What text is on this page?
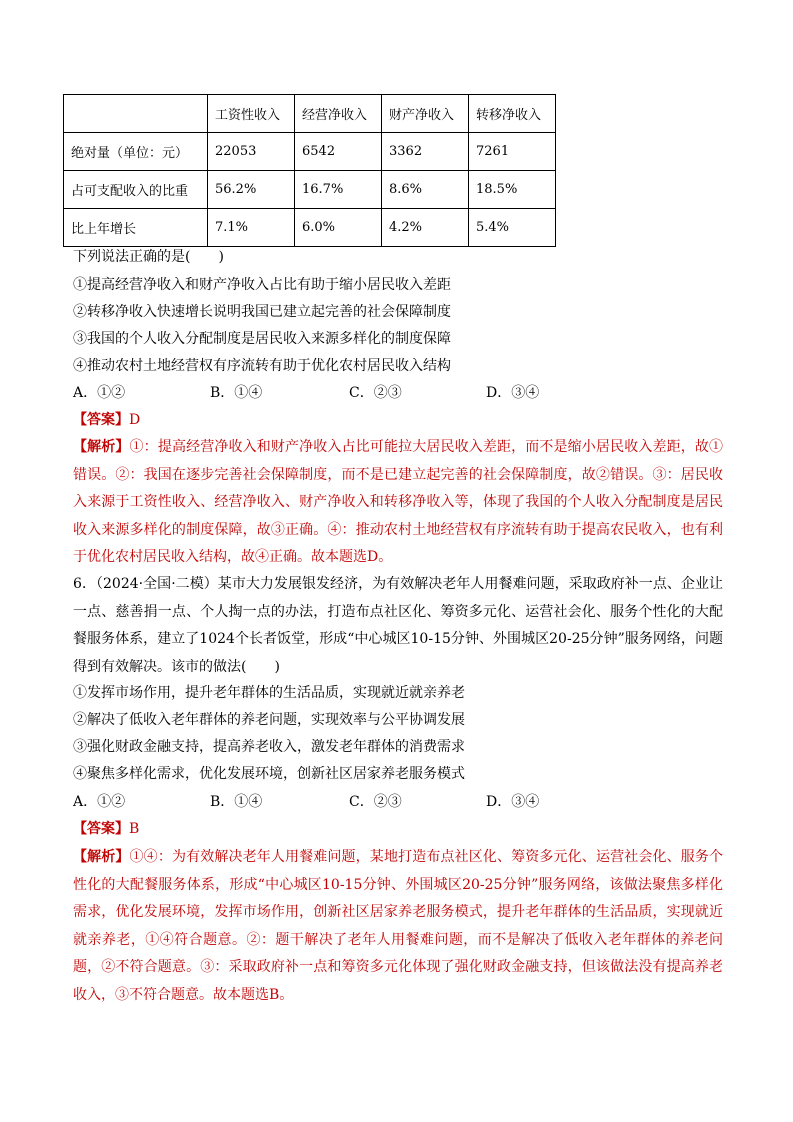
	工资性收入	经营净收入	财产净收入	转移净收入
绝对量（单位：元）	22053	6542	3362	7261
占可支配收入的比重	56.2%	16.7%	8.6%	18.5%
比上年增长	7.1%	6.0%	4.2%	5.4%
下列说法正确的是(　　)
①提高经营净收入和财产净收入占比有助于缩小居民收入差距
②转移净收入快速增长说明我国已建立起完善的社会保障制度
③我国的个人收入分配制度是居民收入来源多样化的制度保障
④推动农村土地经营权有序流转有助于优化农村居民收入结构
A．①②	B．①④	C．②③	D．③④
【答案】D
【解析】①：提高经营净收入和财产净收入占比可能拉大居民收入差距，而不是缩小居民收入差距，故①错误。②：我国在逐步完善社会保障制度，而不是已建立起完善的社会保障制度，故②错误。③：居民收入来源于工资性收入、经营净收入、财产净收入和转移净收入等，体现了我国的个人收入分配制度是居民收入来源多样化的制度保障，故③正确。④：推动农村土地经营权有序流转有助于提高农民收入，也有利于优化农村居民收入结构，故④正确。故本题选D。
6．（2024·全国·二模）某市大力发展银发经济，为有效解决老年人用餐难问题，采取政府补一点、企业让一点、慈善捐一点、个人掏一点的办法，打造布点社区化、筹资多元化、运营社会化、服务个性化的大配餐服务体系，建立了1024个长者饭堂，形成“中心城区10-15分钟、外围城区20-25分钟”服务网络，问题得到有效解决。该市的做法(　　)
①发挥市场作用，提升老年群体的生活品质，实现就近就亲养老
②解决了低收入老年群体的养老问题，实现效率与公平协调发展
③强化财政金融支持，提高养老收入，激发老年群体的消费需求
④聚焦多样化需求，优化发展环境，创新社区居家养老服务模式
A．①②	B．①④	C．②③	D．③④
【答案】B
【解析】①④：为有效解决老年人用餐难问题，某地打造布点社区化、筹资多元化、运营社会化、服务个性化的大配餐服务体系，形成“中心城区10-15分钟、外围城区20-25分钟”服务网络，该做法聚焦多样化需求，优化发展环境，发挥市场作用，创新社区居家养老服务模式，提升老年群体的生活品质，实现就近就亲养老，①④符合题意。②：题干解决了老年人用餐难问题，而不是解决了低收入老年群体的养老问题，②不符合题意。③：采取政府补一点和筹资多元化体现了强化财政金融支持，但该做法没有提高养老收入，③不符合题意。故本题选B。
